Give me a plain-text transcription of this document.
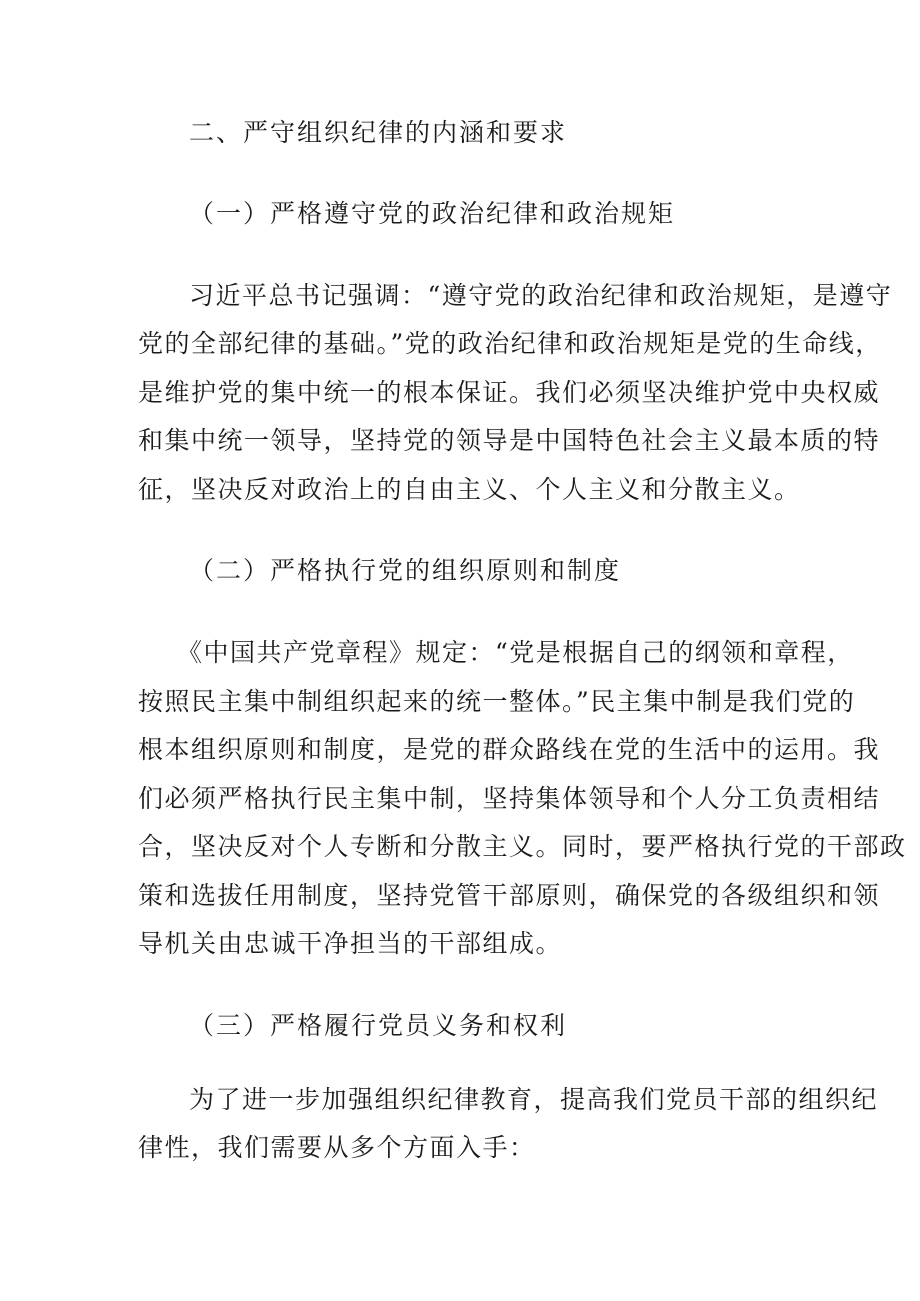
二、严守组织纪律的内涵和要求
（一）严格遵守党的政治纪律和政治规矩
习近平总书记强调：“遵守党的政治纪律和政治规矩，是遵守
党的全部纪律的基础。”党的政治纪律和政治规矩是党的生命线，
是维护党的集中统一的根本保证。我们必须坚决维护党中央权威
和集中统一领导，坚持党的领导是中国特色社会主义最本质的特
征，坚决反对政治上的自由主义、个人主义和分散主义。
（二）严格执行党的组织原则和制度
《中国共产党章程》规定：“党是根据自己的纲领和章程，
按照民主集中制组织起来的统一整体。”民主集中制是我们党的
根本组织原则和制度，是党的群众路线在党的生活中的运用。我
们必须严格执行民主集中制，坚持集体领导和个人分工负责相结
合，坚决反对个人专断和分散主义。同时，要严格执行党的干部政
策和选拔任用制度，坚持党管干部原则，确保党的各级组织和领
导机关由忠诚干净担当的干部组成。
（三）严格履行党员义务和权利
为了进一步加强组织纪律教育，提高我们党员干部的组织纪
律性，我们需要从多个方面入手：
